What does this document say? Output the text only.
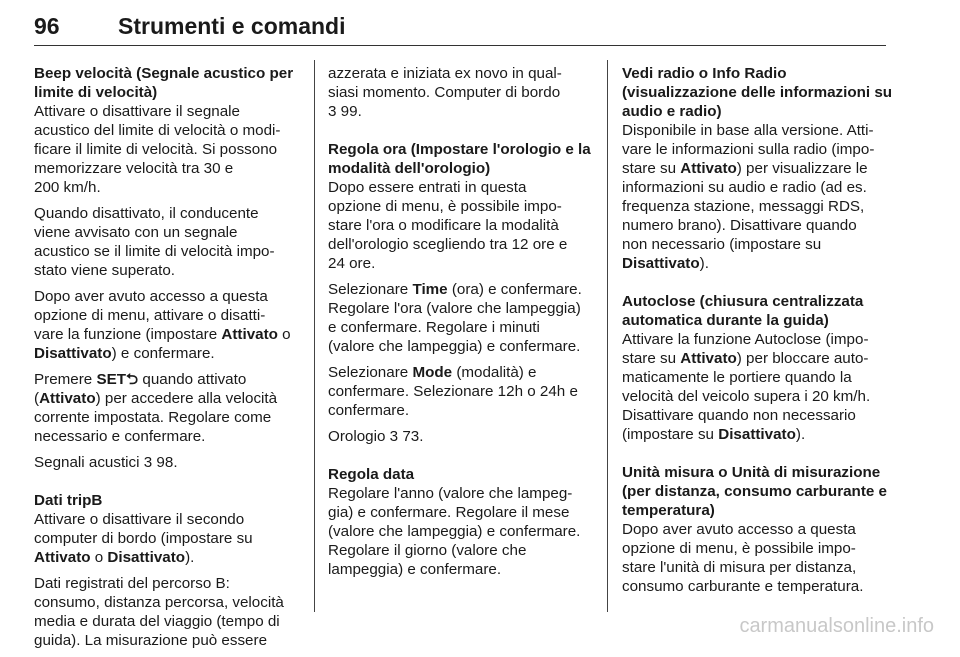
96	Strumenti e comandi
Beep velocità (Segnale acustico per
limite di velocità)

Attivare o disattivare il segnale
acustico del limite di velocità o modi-
ficare il limite di velocità. Si possono
memorizzare velocità tra 30 e
200 km/h.

Quando disattivato, il conducente
viene avvisato con un segnale
acustico se il limite di velocità impo-
stato viene superato.

Dopo aver avuto accesso a questa
opzione di menu, attivare o disatti-
vare la funzione (impostare Attivato o
Disattivato) e confermare.

Premere SET⮌ quando attivato
(Attivato) per accedere alla velocità
corrente impostata. Regolare come
necessario e confermare.

Segnali acustici 3 98.

Dati tripB

Attivare o disattivare il secondo
computer di bordo (impostare su
Attivato o Disattivato).

Dati registrati del percorso B:
consumo, distanza percorsa, velocità
media e durata del viaggio (tempo di
guida). La misurazione può essere

azzerata e iniziata ex novo in qual-
siasi momento. Computer di bordo
3 99.

Regola ora (Impostare l'orologio e la
modalità dell'orologio)

Dopo essere entrati in questa
opzione di menu, è possibile impo-
stare l'ora o modificare la modalità
dell'orologio scegliendo tra 12 ore e
24 ore.

Selezionare Time (ora) e confermare.
Regolare l'ora (valore che lampeggia)
e confermare. Regolare i minuti
(valore che lampeggia) e confermare.

Selezionare Mode (modalità) e
confermare. Selezionare 12h o 24h e
confermare.

Orologio 3 73.

Regola data

Regolare l'anno (valore che lampeg-
gia) e confermare. Regolare il mese
(valore che lampeggia) e confermare.
Regolare il giorno (valore che
lampeggia) e confermare.

Vedi radio o Info Radio
(visualizzazione delle informazioni su
audio e radio)

Disponibile in base alla versione. Atti-
vare le informazioni sulla radio (impo-
stare su Attivato) per visualizzare le
informazioni su audio e radio (ad es.
frequenza stazione, messaggi RDS,
numero brano). Disattivare quando
non necessario (impostare su
Disattivato).

Autoclose (chiusura centralizzata
automatica durante la guida)

Attivare la funzione Autoclose (impo-
stare su Attivato) per bloccare auto-
maticamente le portiere quando la
velocità del veicolo supera i 20 km/h.
Disattivare quando non necessario
(impostare su Disattivato).

Unità misura o Unità di misurazione
(per distanza, consumo carburante e
temperatura)

Dopo aver avuto accesso a questa
opzione di menu, è possibile impo-
stare l'unità di misura per distanza,
consumo carburante e temperatura.

carmanualsonline.info
